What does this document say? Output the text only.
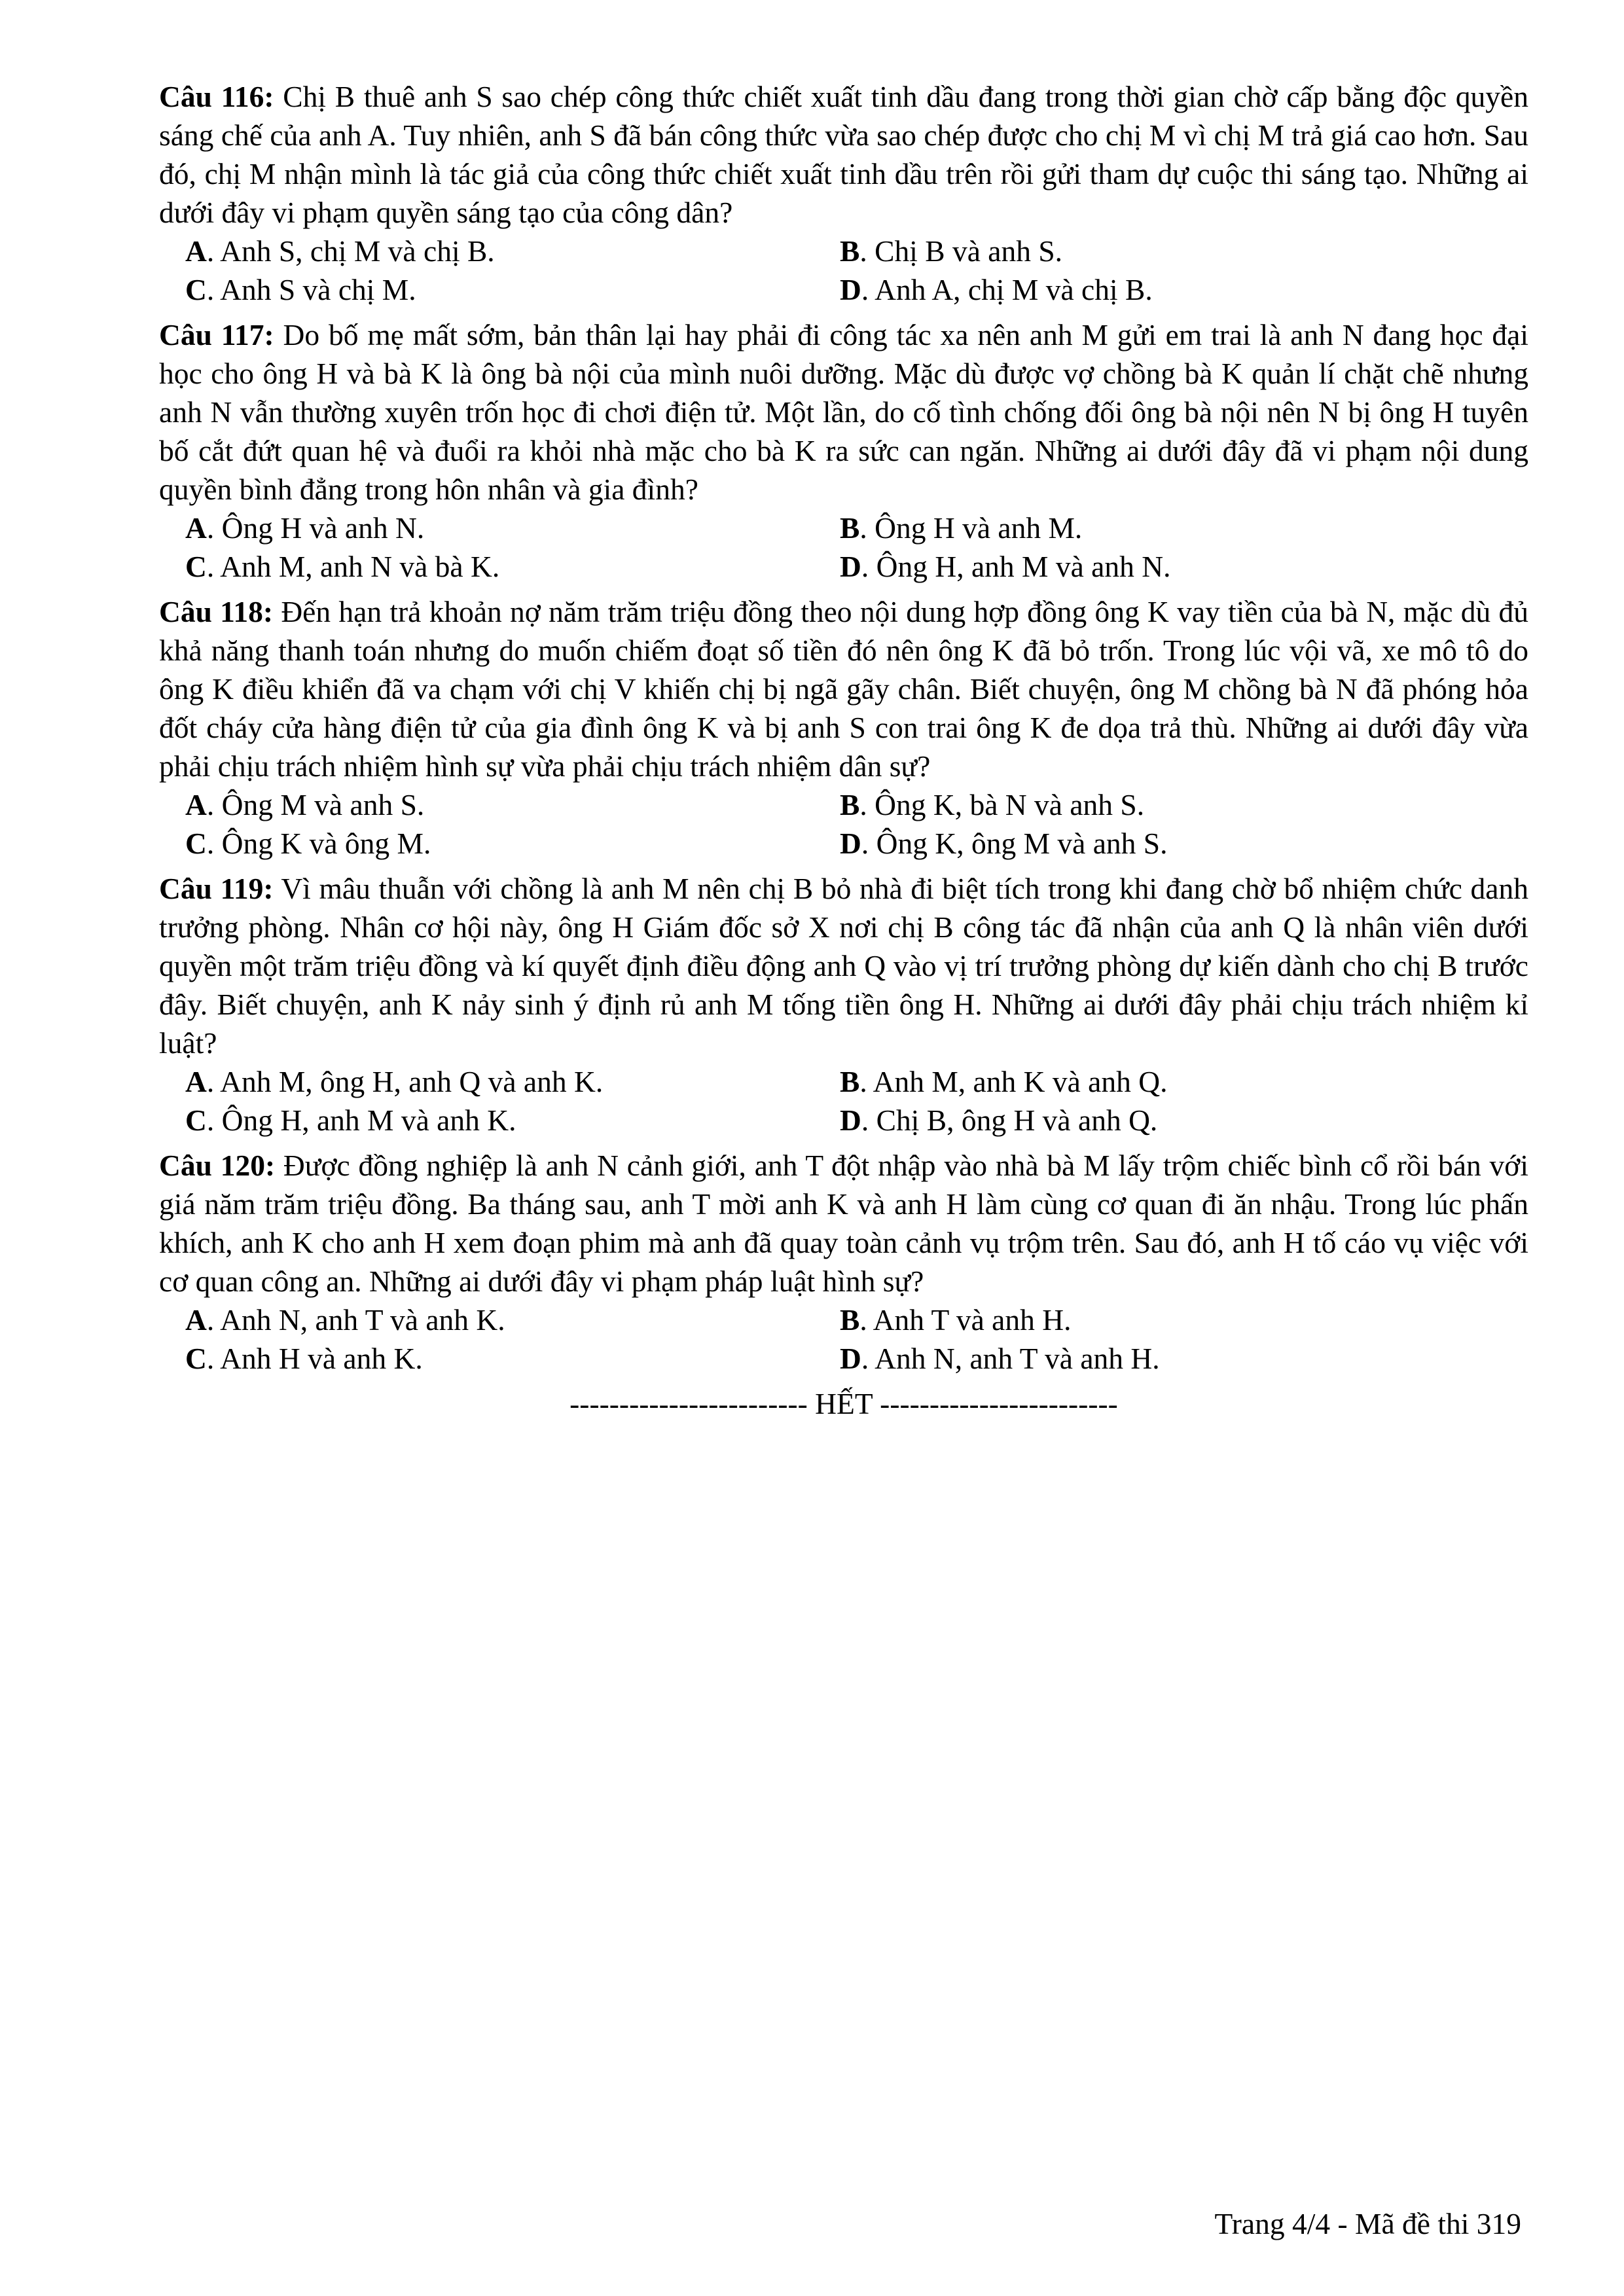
Câu 116: Chị B thuê anh S sao chép công thức chiết xuất tinh dầu đang trong thời gian chờ cấp bằng độc quyền sáng chế của anh A. Tuy nhiên, anh S đã bán công thức vừa sao chép được cho chị M vì chị M trả giá cao hơn. Sau đó, chị M nhận mình là tác giả của công thức chiết xuất tinh dầu trên rồi gửi tham dự cuộc thi sáng tạo. Những ai dưới đây vi phạm quyền sáng tạo của công dân?

A. Anh S, chị M và chị B.	B. Chị B và anh S.
C. Anh S và chị M.	D. Anh A, chị M và chị B.

Câu 117: Do bố mẹ mất sớm, bản thân lại hay phải đi công tác xa nên anh M gửi em trai là anh N đang học đại học cho ông H và bà K là ông bà nội của mình nuôi dưỡng. Mặc dù được vợ chồng bà K quản lí chặt chẽ nhưng anh N vẫn thường xuyên trốn học đi chơi điện tử. Một lần, do cố tình chống đối ông bà nội nên N bị ông H tuyên bố cắt đứt quan hệ và đuổi ra khỏi nhà mặc cho bà K ra sức can ngăn. Những ai dưới đây đã vi phạm nội dung quyền bình đẳng trong hôn nhân và gia đình?

A. Ông H và anh N.	B. Ông H và anh M.
C. Anh M, anh N và bà K.	D. Ông H, anh M và anh N.

Câu 118: Đến hạn trả khoản nợ năm trăm triệu đồng theo nội dung hợp đồng ông K vay tiền của bà N, mặc dù đủ khả năng thanh toán nhưng do muốn chiếm đoạt số tiền đó nên ông K đã bỏ trốn. Trong lúc vội vã, xe mô tô do ông K điều khiển đã va chạm với chị V khiến chị bị ngã gãy chân. Biết chuyện, ông M chồng bà N đã phóng hỏa đốt cháy cửa hàng điện tử của gia đình ông K và bị anh S con trai ông K đe dọa trả thù. Những ai dưới đây vừa phải chịu trách nhiệm hình sự vừa phải chịu trách nhiệm dân sự?

A. Ông M và anh S.	B. Ông K, bà N và anh S.
C. Ông K và ông M.	D. Ông K, ông M và anh S.

Câu 119: Vì mâu thuẫn với chồng là anh M nên chị B bỏ nhà đi biệt tích trong khi đang chờ bổ nhiệm chức danh trưởng phòng. Nhân cơ hội này, ông H Giám đốc sở X nơi chị B công tác đã nhận của anh Q là nhân viên dưới quyền một trăm triệu đồng và kí quyết định điều động anh Q vào vị trí trưởng phòng dự kiến dành cho chị B trước đây. Biết chuyện, anh K nảy sinh ý định rủ anh M tống tiền ông H. Những ai dưới đây phải chịu trách nhiệm kỉ luật?

A. Anh M, ông H, anh Q và anh K.	B. Anh M, anh K và anh Q.
C. Ông H, anh M và anh K.	D. Chị B, ông H và anh Q.

Câu 120: Được đồng nghiệp là anh N cảnh giới, anh T đột nhập vào nhà bà M lấy trộm chiếc bình cổ rồi bán với giá năm trăm triệu đồng. Ba tháng sau, anh T mời anh K và anh H làm cùng cơ quan đi ăn nhậu. Trong lúc phấn khích, anh K cho anh H xem đoạn phim mà anh đã quay toàn cảnh vụ trộm trên. Sau đó, anh H tố cáo vụ việc với cơ quan công an. Những ai dưới đây vi phạm pháp luật hình sự?

A. Anh N, anh T và anh K.	B. Anh T và anh H.
C. Anh H và anh K.	D. Anh N, anh T và anh H.
------------------------ HẾT ------------------------
Trang 4/4 - Mã đề thi 319
